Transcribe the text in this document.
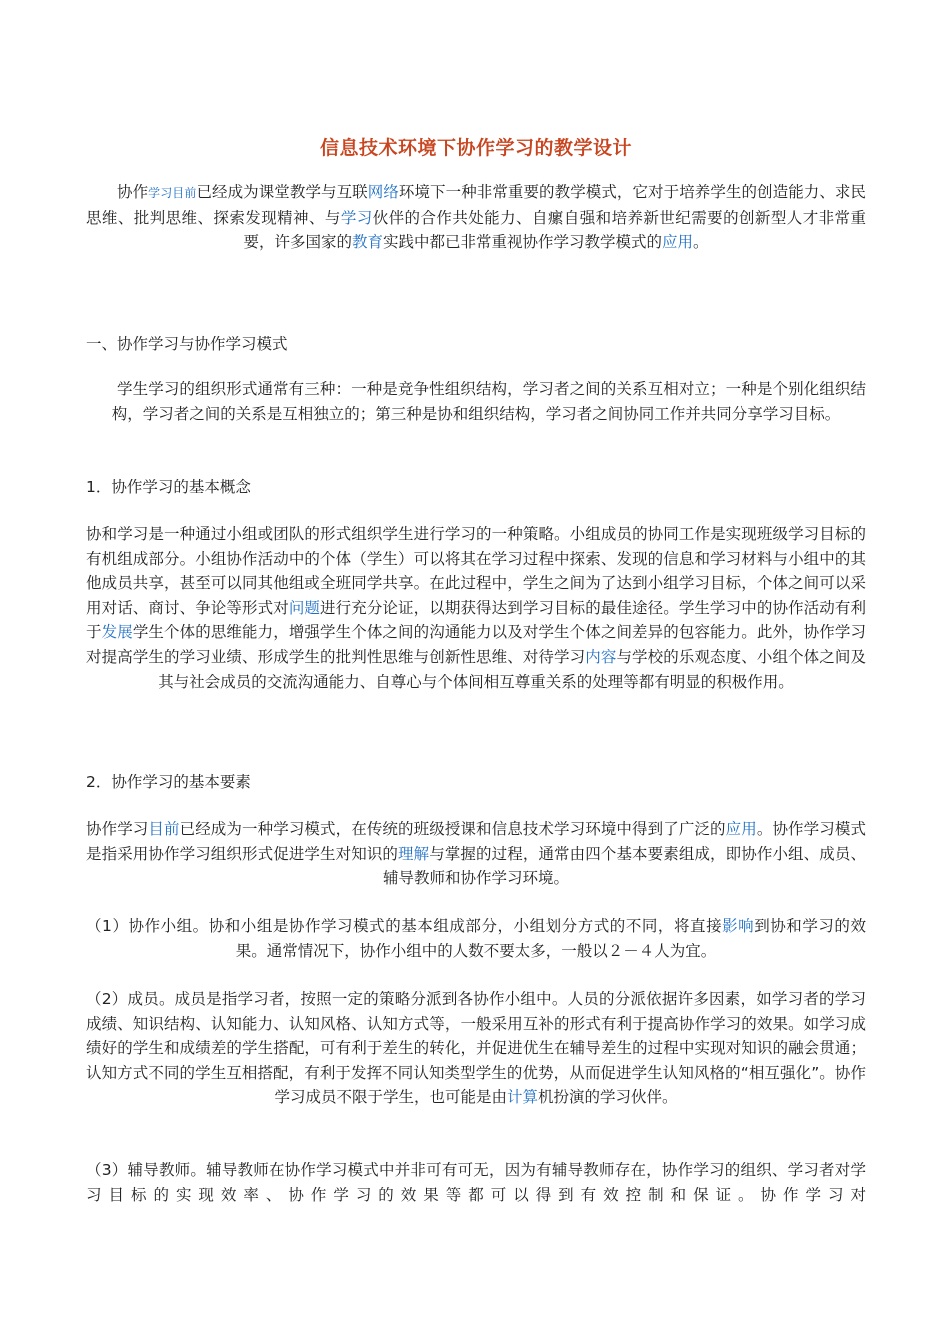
信息技术环境下协作学习的教学设计
协作学习目前已经成为课堂教学与互联网络环境下一种非常重要的教学模式，它对于培养学生的创造能力、求民思维、批判思维、探索发现精神、与学习伙伴的合作共处能力、自瘰自强和培养新世纪需要的创新型人才非常重要，许多国家的教育实践中都已非常重视协作学习教学模式的应用。
一、协作学习与协作学习模式
学生学习的组织形式通常有三种：一种是竞争性组织结构，学习者之间的关系互相对立；一种是个别化组织结构，学习者之间的关系是互相独立的；第三种是协和组织结构，学习者之间协同工作并共同分享学习目标。
1．协作学习的基本概念
协和学习是一种通过小组或团队的形式组织学生进行学习的一种策略。小组成员的协同工作是实现班级学习目标的有机组成部分。小组协作活动中的个体（学生）可以将其在学习过程中探索、发现的信息和学习材料与小组中的其他成员共享，甚至可以同其他组或全班同学共享。在此过程中，学生之间为了达到小组学习目标，个体之间可以采用对话、商讨、争论等形式对问题进行充分论证，以期获得达到学习目标的最佳途径。学生学习中的协作活动有利于发展学生个体的思维能力，增强学生个体之间的沟通能力以及对学生个体之间差异的包容能力。此外，协作学习对提高学生的学习业绩、形成学生的批判性思维与创新性思维、对待学习内容与学校的乐观态度、小组个体之间及其与社会成员的交流沟通能力、自尊心与个体间相互尊重关系的处理等都有明显的积极作用。
2．协作学习的基本要素
协作学习目前已经成为一种学习模式，在传统的班级授课和信息技术学习环境中得到了广泛的应用。协作学习模式是指采用协作学习组织形式促进学生对知识的理解与掌握的过程，通常由四个基本要素组成，即协作小组、成员、辅导教师和协作学习环境。
（1）协作小组。协和小组是协作学习模式的基本组成部分，小组划分方式的不同，将直接影响到协和学习的效果。通常情况下，协作小组中的人数不要太多，一般以２－４人为宜。
（2）成员。成员是指学习者，按照一定的策略分派到各协作小组中。人员的分派依据许多因素，如学习者的学习成绩、知识结构、认知能力、认知风格、认知方式等，一般采用互补的形式有利于提高协作学习的效果。如学习成绩好的学生和成绩差的学生搭配，可有利于差生的转化，并促进优生在辅导差生的过程中实现对知识的融会贯通；认知方式不同的学生互相搭配，有利于发挥不同认知类型学生的优势，从而促进学生认知风格的“相互强化”。协作学习成员不限于学生，也可能是由计算机扮演的学习伙伴。
（3）辅导教师。辅导教师在协作学习模式中并非可有可无，因为有辅导教师存在，协作学习的组织、学习者对学习目标的实现效率、协作学习的效果等都可以得到有效控制和保证。协作学习对
